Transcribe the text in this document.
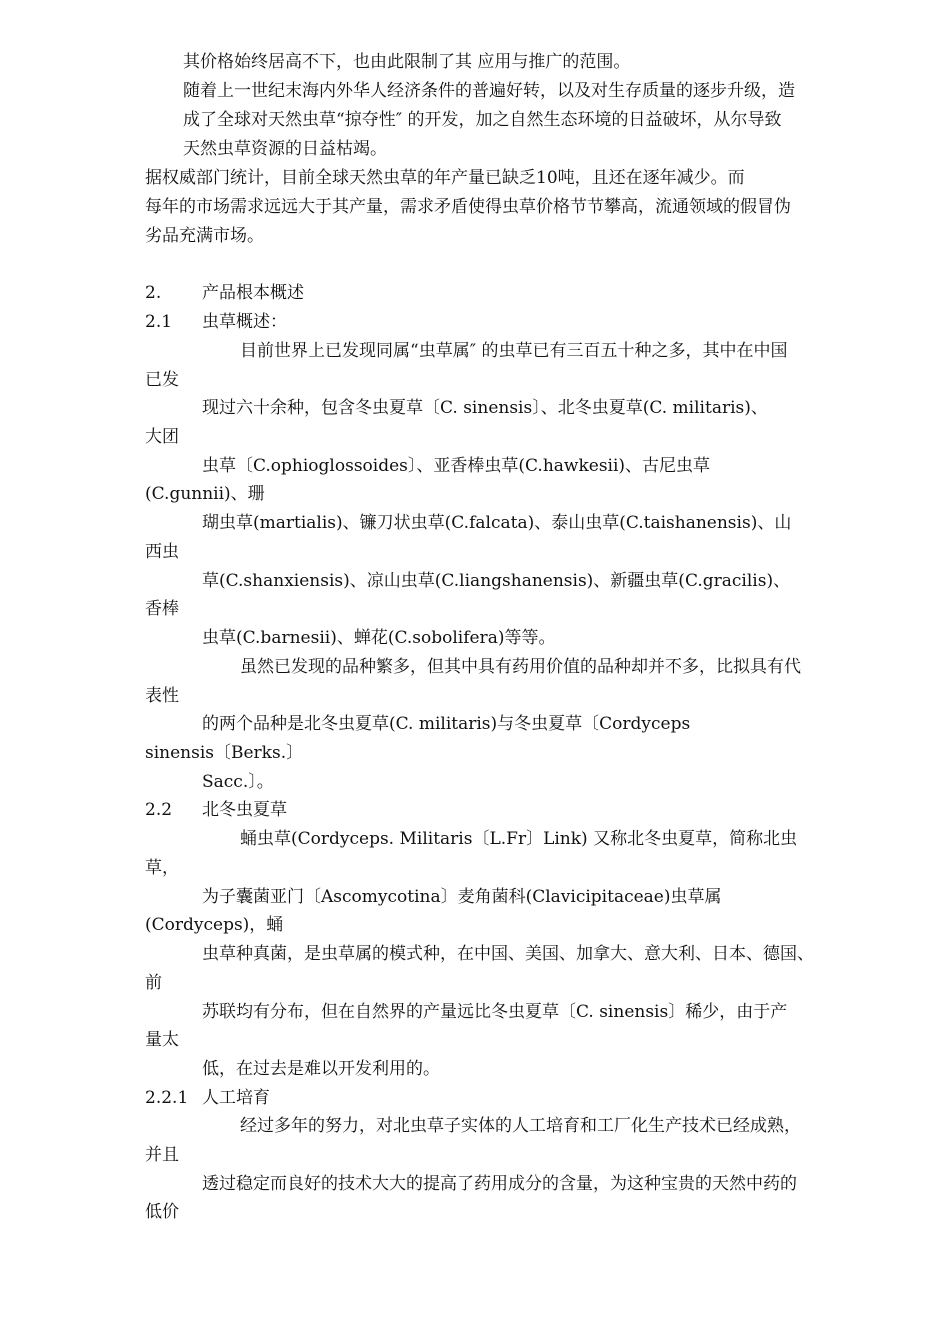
其价格始终居高不下，也由此限制了其 应用与推广的范围。
随着上一世纪末海内外华人经济条件的普遍好转，以及对生存质量的逐步升级，造
成了全球对天然虫草“掠夺性″ 的开发，加之自然生态环境的日益破坏，从尔导致
天然虫草资源的日益枯竭。
据权威部门统计，目前全球天然虫草的年产量已缺乏10吨，且还在逐年减少。而
每年的市场需求远远大于其产量，需求矛盾使得虫草价格节节攀高，流通领域的假冒伪
劣品充满市场。
2. 产品根本概述
2.1 虫草概述：
目前世界上已发现同属“虫草属″ 的虫草已有三百五十种之多，其中在中国
已发
现过六十余种，包含冬虫夏草〔C. sinensis〕、北冬虫夏草(C. militaris)、
大团
虫草〔C.ophioglossoides〕、亚香棒虫草(C.hawkesii)、古尼虫草
(C.gunnii)、珊
瑚虫草(martialis)、镰刀状虫草(C.falcata)、泰山虫草(C.taishanensis)、山
西虫
草(C.shanxiensis)、凉山虫草(C.liangshanensis)、新疆虫草(C.gracilis)、
香棒
虫草(C.barnesii)、蝉花(C.sobolifera)等等。
虽然已发现的品种繁多，但其中具有药用价值的品种却并不多，比拟具有代
表性
的两个品种是北冬虫夏草(C. militaris)与冬虫夏草〔Cordyceps
sinensis〔Berks.〕
Sacc.〕。
2.2 北冬虫夏草
蛹虫草(Cordyceps. Militaris〔L.Fr〕Link) 又称北冬虫夏草，简称北虫
草，
为子囊菌亚门〔Ascomycotina〕麦角菌科(Clavicipitaceae)虫草属
(Cordyceps)，蛹
虫草种真菌，是虫草属的模式种，在中国、美国、加拿大、意大利、日本、德国、
前
苏联均有分布，但在自然界的产量远比冬虫夏草〔C. sinensis〕稀少，由于产
量太
低，在过去是难以开发利用的。
2.2.1 人工培育
经过多年的努力，对北虫草子实体的人工培育和工厂化生产技术已经成熟，
并且
透过稳定而良好的技术大大的提高了药用成分的含量，为这种宝贵的天然中药的
低价
